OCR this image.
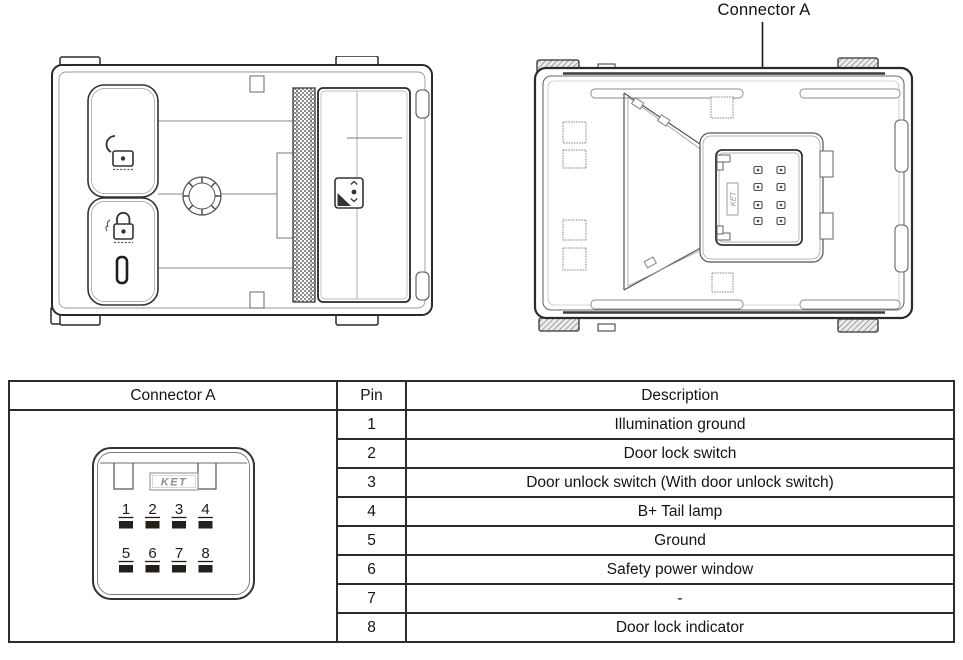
Connector A
KET
Connector A	Pin	Description

KET
1 2 3 4
5 6 7 8
	1	Illumination ground
	2	Door lock switch
	3	Door unlock switch (With door unlock switch)
	4	B+ Tail lamp
	5	Ground
	6	Safety power window
	7	-
	8	Door lock indicator
